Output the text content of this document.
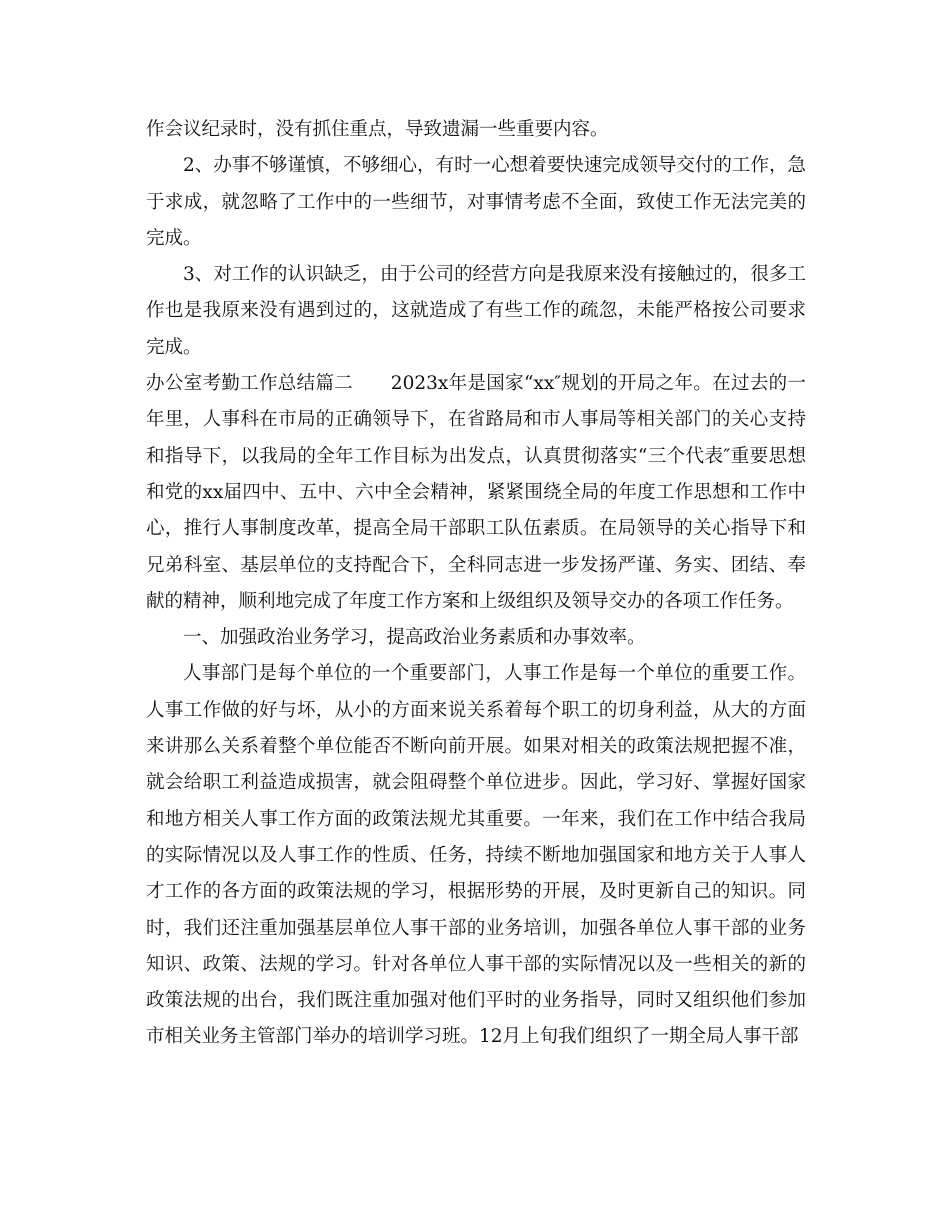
作会议纪录时，没有抓住重点，导致遗漏一些重要内容。

2、办事不够谨慎，不够细心，有时一心想着要快速完成领导交付的工作，急于求成，就忽略了工作中的一些细节，对事情考虑不全面，致使工作无法完美的完成。

3、对工作的认识缺乏，由于公司的经营方向是我原来没有接触过的，很多工作也是我原来没有遇到过的，这就造成了有些工作的疏忽，未能严格按公司要求完成。

办公室考勤工作总结篇二　　2023x年是国家“xx″规划的开局之年。在过去的一年里，人事科在市局的正确领导下，在省路局和市人事局等相关部门的关心支持和指导下，以我局的全年工作目标为出发点，认真贯彻落实“三个代表″重要思想和党的xx届四中、五中、六中全会精神，紧紧围绕全局的年度工作思想和工作中心，推行人事制度改革，提高全局干部职工队伍素质。在局领导的关心指导下和兄弟科室、基层单位的支持配合下，全科同志进一步发扬严谨、务实、团结、奉献的精神，顺利地完成了年度工作方案和上级组织及领导交办的各项工作任务。

一、加强政治业务学习，提高政治业务素质和办事效率。

人事部门是每个单位的一个重要部门，人事工作是每一个单位的重要工作。人事工作做的好与坏，从小的方面来说关系着每个职工的切身利益，从大的方面来讲那么关系着整个单位能否不断向前开展。如果对相关的政策法规把握不准，就会给职工利益造成损害，就会阻碍整个单位进步。因此，学习好、掌握好国家和地方相关人事工作方面的政策法规尤其重要。一年来，我们在工作中结合我局的实际情况以及人事工作的性质、任务，持续不断地加强国家和地方关于人事人才工作的各方面的政策法规的学习，根据形势的开展，及时更新自己的知识。同时，我们还注重加强基层单位人事干部的业务培训，加强各单位人事干部的业务知识、政策、法规的学习。针对各单位人事干部的实际情况以及一些相关的新的政策法规的出台，我们既注重加强对他们平时的业务指导，同时又组织他们参加市相关业务主管部门举办的培训学习班。12月上旬我们组织了一期全局人事干部
